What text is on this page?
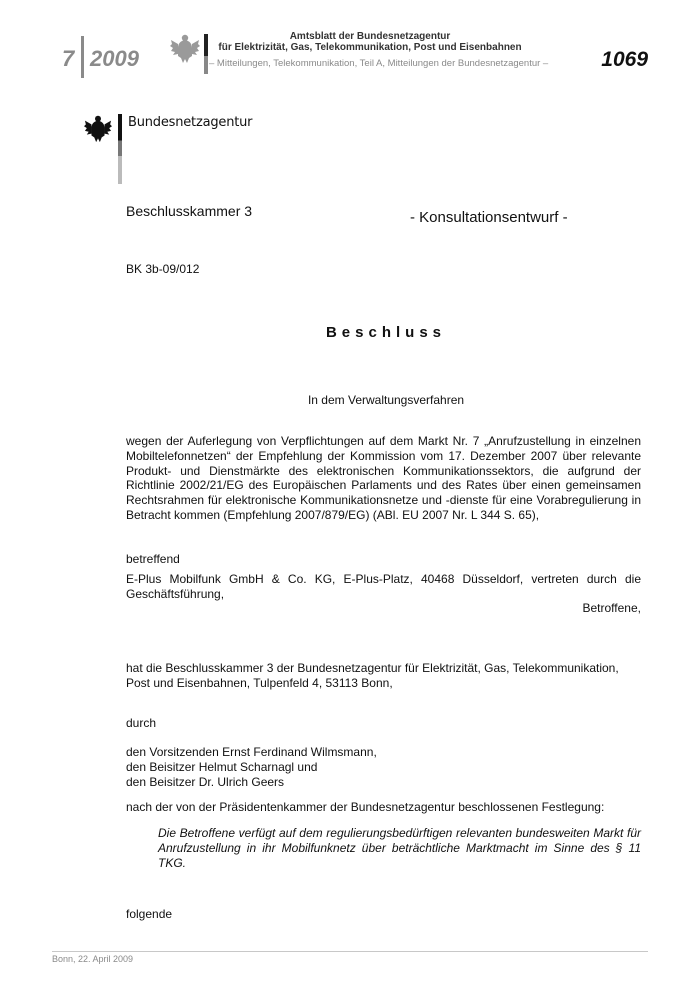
7 2009
Amtsblatt der Bundesnetzagentur
für Elektrizität, Gas, Telekommunikation, Post und Eisenbahnen
– Mitteilungen, Telekommunikation, Teil A, Mitteilungen der Bundesnetzagentur –	1069
Bundesnetzagentur
Beschlusskammer 3	- Konsultationsentwurf -
BK 3b-09/012
Beschluss
In dem Verwaltungsverfahren
wegen der Auferlegung von Verpflichtungen auf dem Markt Nr. 7 „Anrufzustellung in einzelnen Mobiltelefonnetzen“ der Empfehlung der Kommission vom 17. Dezember 2007 über relevante Produkt- und Dienstmärkte des elektronischen Kommunikationssektors, die aufgrund der Richtlinie 2002/21/EG des Europäischen Parlaments und des Rates über einen gemeinsamen Rechtsrahmen für elektronische Kommunikationsnetze und -dienste für eine Vorabregulierung in Betracht kommen (Empfehlung 2007/879/EG) (ABl. EU 2007 Nr. L 344 S. 65),
betreffend
E-Plus Mobilfunk GmbH & Co. KG, E-Plus-Platz, 40468 Düsseldorf, vertreten durch die Geschäftsführung,
Betroffene,
hat die Beschlusskammer 3 der Bundesnetzagentur für Elektrizität, Gas, Telekommunikation, Post und Eisenbahnen, Tulpenfeld 4, 53113 Bonn,
durch
den Vorsitzenden Ernst Ferdinand Wilmsmann,
den Beisitzer Helmut Scharnagl und
den Beisitzer Dr. Ulrich Geers
nach der von der Präsidentenkammer der Bundesnetzagentur beschlossenen Festlegung:
Die Betroffene verfügt auf dem regulierungsbedürftigen relevanten bundesweiten Markt für Anrufzustellung in ihr Mobilfunknetz über beträchtliche Marktmacht im Sinne des § 11 TKG.
folgende
Bonn, 22. April 2009
